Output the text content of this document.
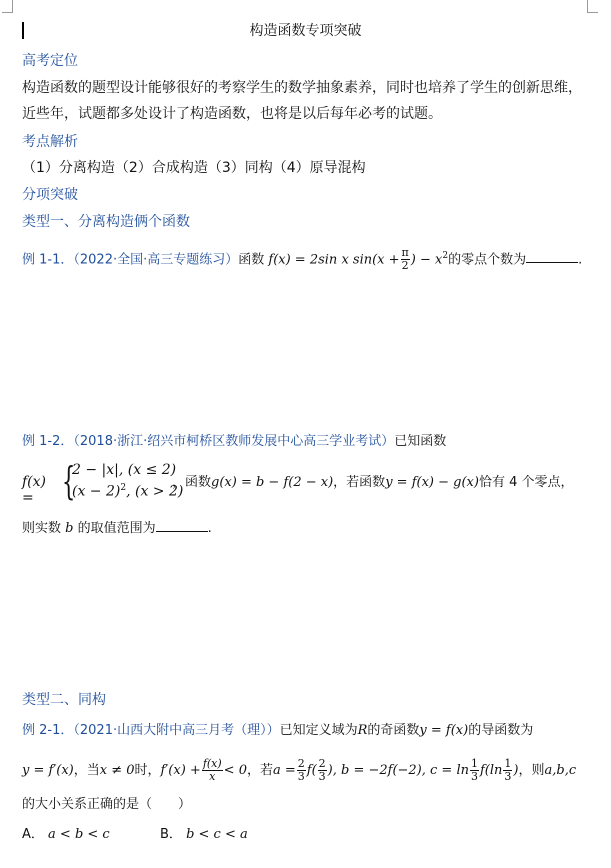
构造函数专项突破
高考定位
构造函数的题型设计能够很好的考察学生的数学抽象素养，同时也培养了学生的创新思维，
近些年，试题都多处设计了构造函数，也将是以后每年必考的试题。
考点解析
（1）分离构造（2）合成构造（3）同构（4）原导混构
分项突破
类型一、分离构造俩个函数
例 1-1．（2022·全国·高三专题练习）函数 f(x) = 2sin x $\sin(x + \frac{\pi}{2}$ ) − $x^2$的零点个数为	.
例 1-2．（2018·浙江·绍兴市柯桥区教师发展中心高三学业考试）已知函数
f(x) = {
2 − |x|, (x ≤ 2)
$(x - 2)^2$, (x > 2)
，函数g(x) = b − f(2 − x)，若函数y = f(x) − g(x)恰有 4 个零点，
则实数 b 的取值范围为	.
类型二、同构
例 2-1．（2021·山西大附中高三月考（理））已知定义域为R的奇函数y = f(x)的导函数为
y = f′(x)，当x ≠ 0时，$f'(x) + \frac{f(x)}{x} < 0$，若$a = \frac{2}{3} f( \frac{2}{3}$ ), b = −2f(−2), $c = \ln \frac{1}{3} f(\ln \frac{1}{3}$ )，则a,b,c
的大小关系正确的是（　　）
A． a < b < c	B． b < c < a
